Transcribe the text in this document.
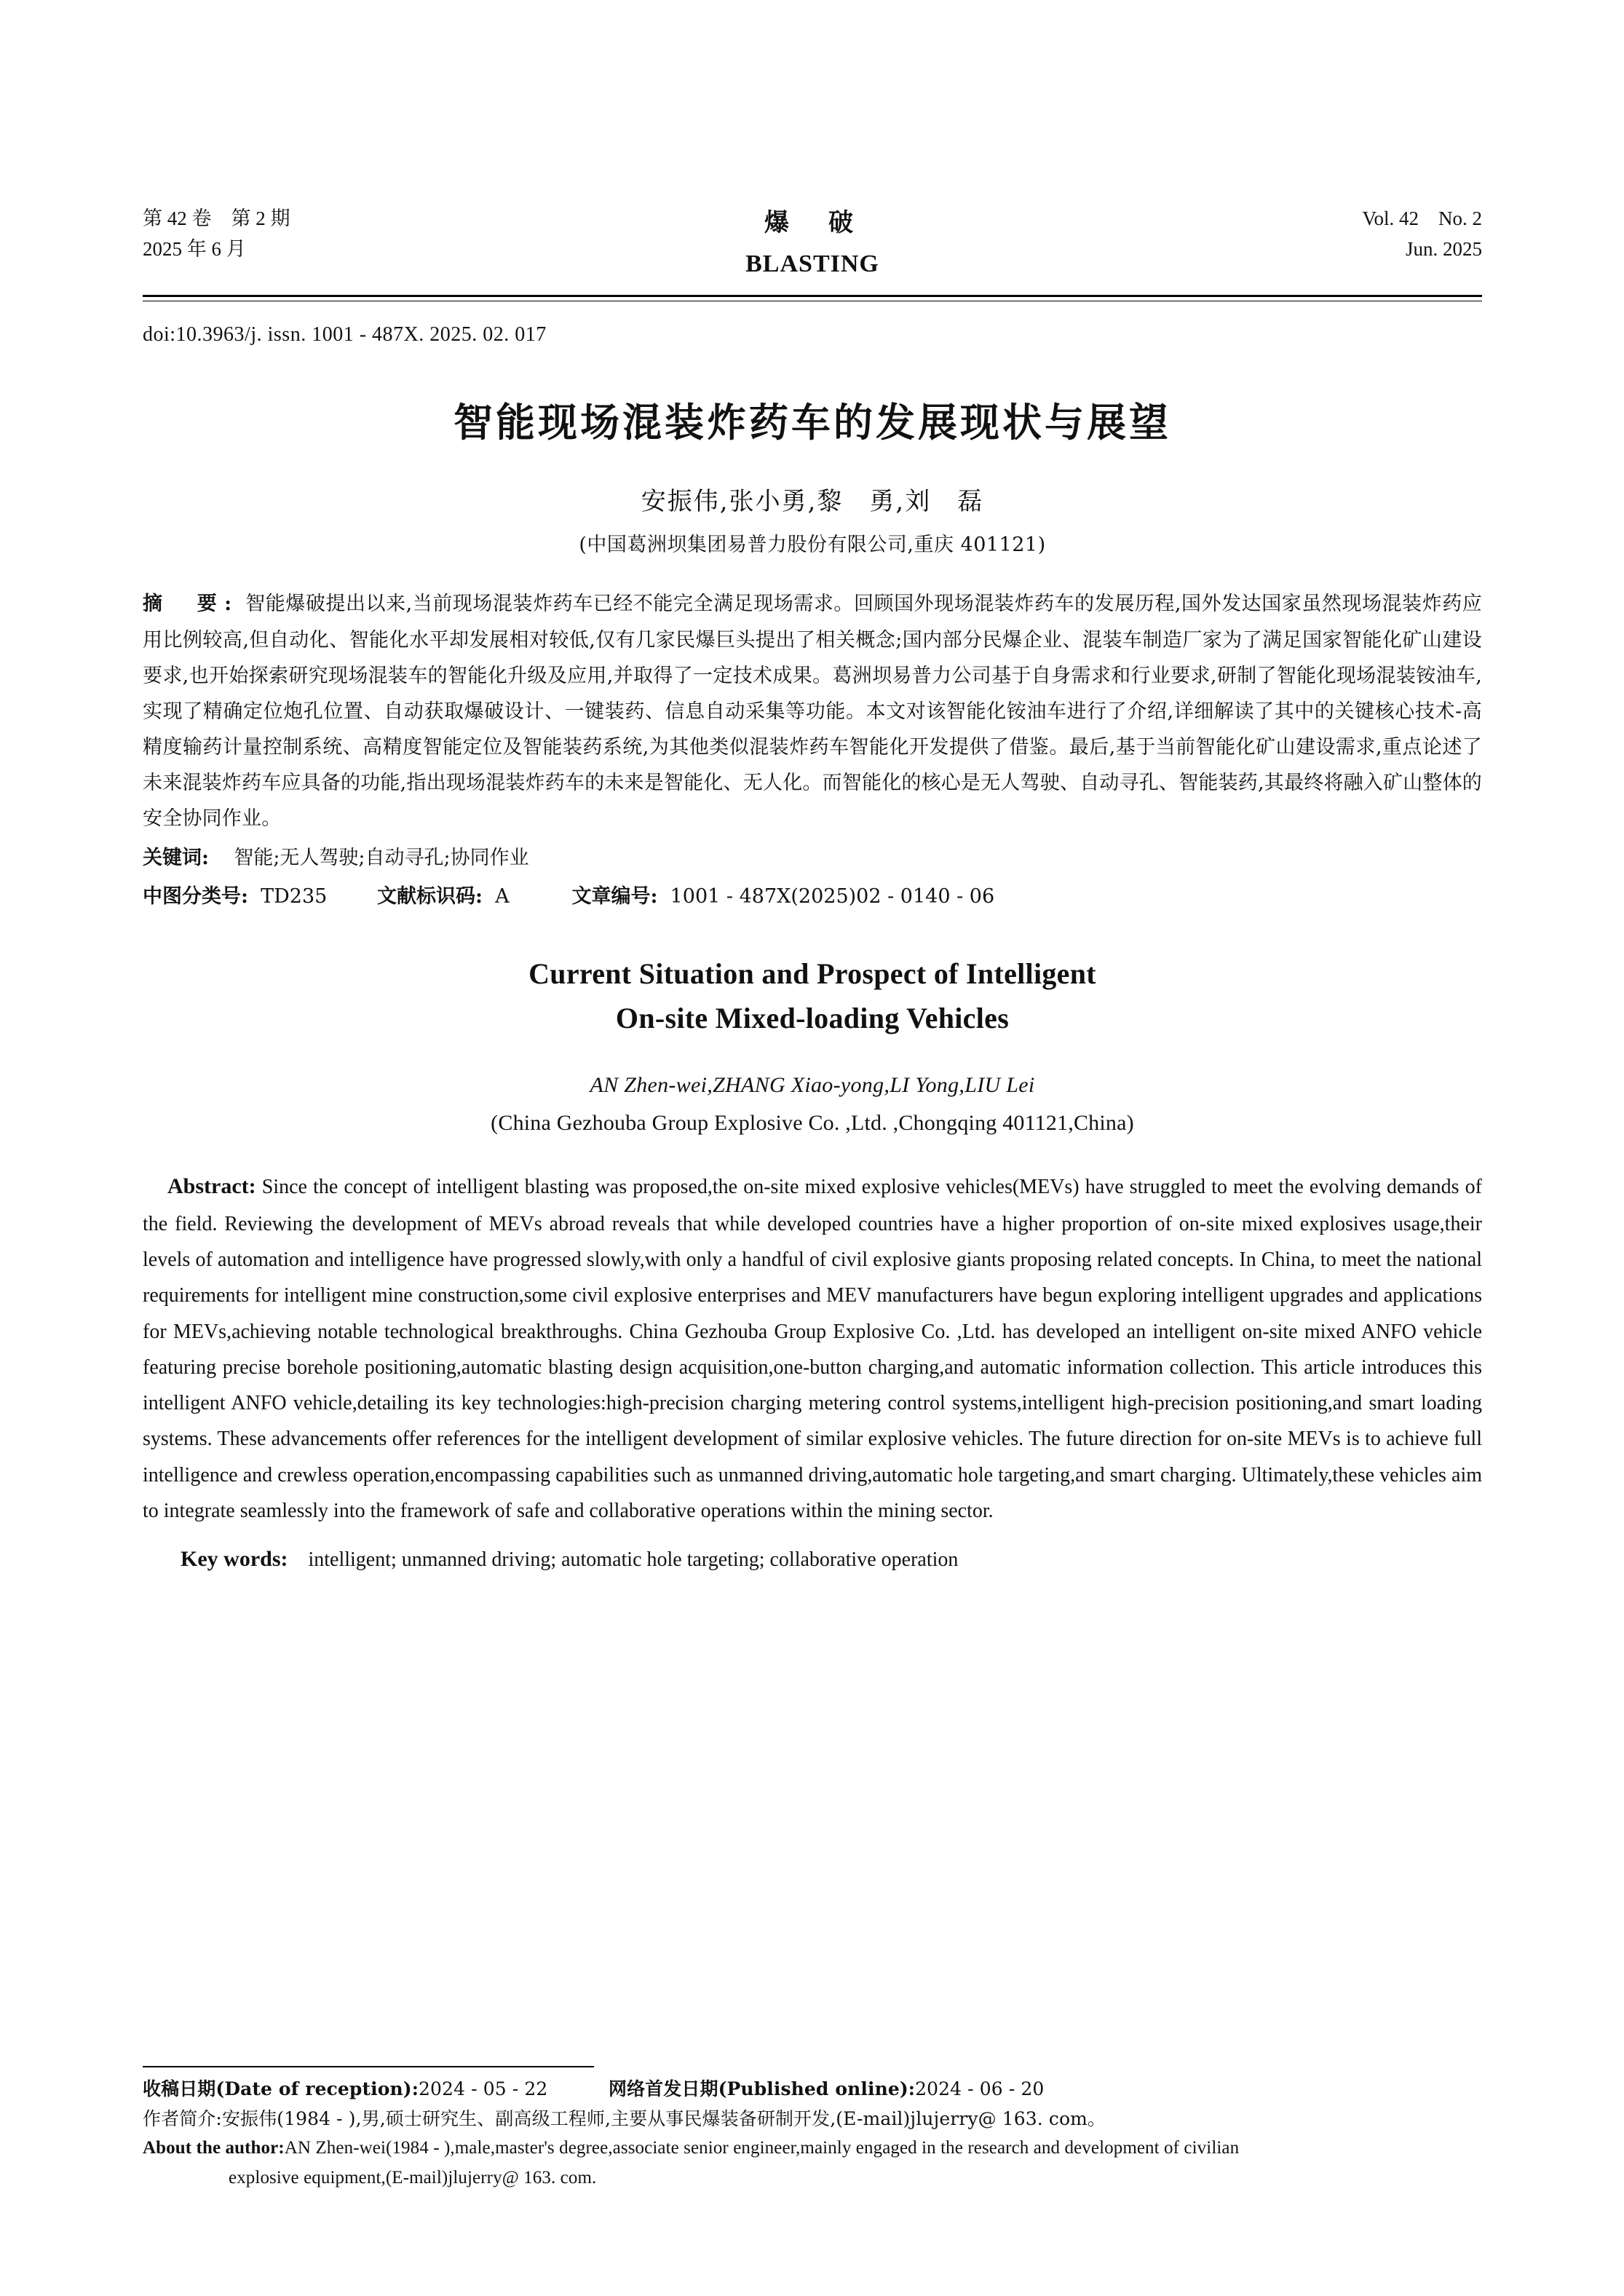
第 42 卷　第 2 期
2025 年 6 月
爆　破
BLASTING
Vol. 42　No. 2
Jun. 2025
doi:10.3963/j. issn. 1001 - 487X. 2025. 02. 017
智能现场混装炸药车的发展现状与展望
安振伟,张小勇,黎　勇,刘　磊
(中国葛洲坝集团易普力股份有限公司,重庆 401121)
摘　要: 智能爆破提出以来,当前现场混装炸药车已经不能完全满足现场需求。回顾国外现场混装炸药车的发展历程,国外发达国家虽然现场混装炸药应用比例较高,但自动化、智能化水平却发展相对较低,仅有几家民爆巨头提出了相关概念;国内部分民爆企业、混装车制造厂家为了满足国家智能化矿山建设要求,也开始探索研究现场混装车的智能化升级及应用,并取得了一定技术成果。葛洲坝易普力公司基于自身需求和行业要求,研制了智能化现场混装铵油车,实现了精确定位炮孔位置、自动获取爆破设计、一键装药、信息自动采集等功能。本文对该智能化铵油车进行了介绍,详细解读了其中的关键核心技术-高精度输药计量控制系统、高精度智能定位及智能装药系统,为其他类似混装炸药车智能化开发提供了借鉴。最后,基于当前智能化矿山建设需求,重点论述了未来混装炸药车应具备的功能,指出现场混装炸药车的未来是智能化、无人化。而智能化的核心是无人驾驶、自动寻孔、智能装药,其最终将融入矿山整体的安全协同作业。
关键词: 智能;无人驾驶;自动寻孔;协同作业
中图分类号: TD235
	文献标识码: A
	文章编号: 1001 - 487X(2025)02 - 0140 - 06
Current Situation and Prospect of Intelligent
On-site Mixed-loading Vehicles
AN Zhen-wei,ZHANG Xiao-yong,LI Yong,LIU Lei
(China Gezhouba Group Explosive Co. ,Ltd. ,Chongqing 401121,China)
Abstract: Since the concept of intelligent blasting was proposed,the on-site mixed explosive vehicles(MEVs) have struggled to meet the evolving demands of the field. Reviewing the development of MEVs abroad reveals that while developed countries have a higher proportion of on-site mixed explosives usage,their levels of automation and intelligence have progressed slowly,with only a handful of civil explosive giants proposing related concepts. In China, to meet the national requirements for intelligent mine construction,some civil explosive enterprises and MEV manufacturers have begun exploring intelligent upgrades and applications for MEVs,achieving notable technological breakthroughs. China Gezhouba Group Explosive Co. ,Ltd. has developed an intelligent on-site mixed ANFO vehicle featuring precise borehole positioning,automatic blasting design acquisition,one-button charging,and automatic information collection. This article introduces this intelligent ANFO vehicle,detailing its key technologies:high-precision charging metering control systems,intelligent high-precision positioning,and smart loading systems. These advancements offer references for the intelligent development of similar explosive vehicles. The future direction for on-site MEVs is to achieve full intelligence and crewless operation,encompassing capabilities such as unmanned driving,automatic hole targeting,and smart charging. Ultimately,these vehicles aim to integrate seamlessly into the framework of safe and collaborative operations within the mining sector.
Key words: intelligent; unmanned driving; automatic hole targeting; collaborative operation
收稿日期(Date of reception):2024 - 05 - 22	网络首发日期(Published online):2024 - 06 - 20
作者简介:安振伟(1984 - ),男,硕士研究生、副高级工程师,主要从事民爆装备研制开发,(E-mail)jlujerry@ 163. com。
About the author:AN Zhen-wei(1984 - ),male,master's degree,associate senior engineer,mainly engaged in the research and development of civilian
explosive equipment,(E-mail)jlujerry@ 163. com.
